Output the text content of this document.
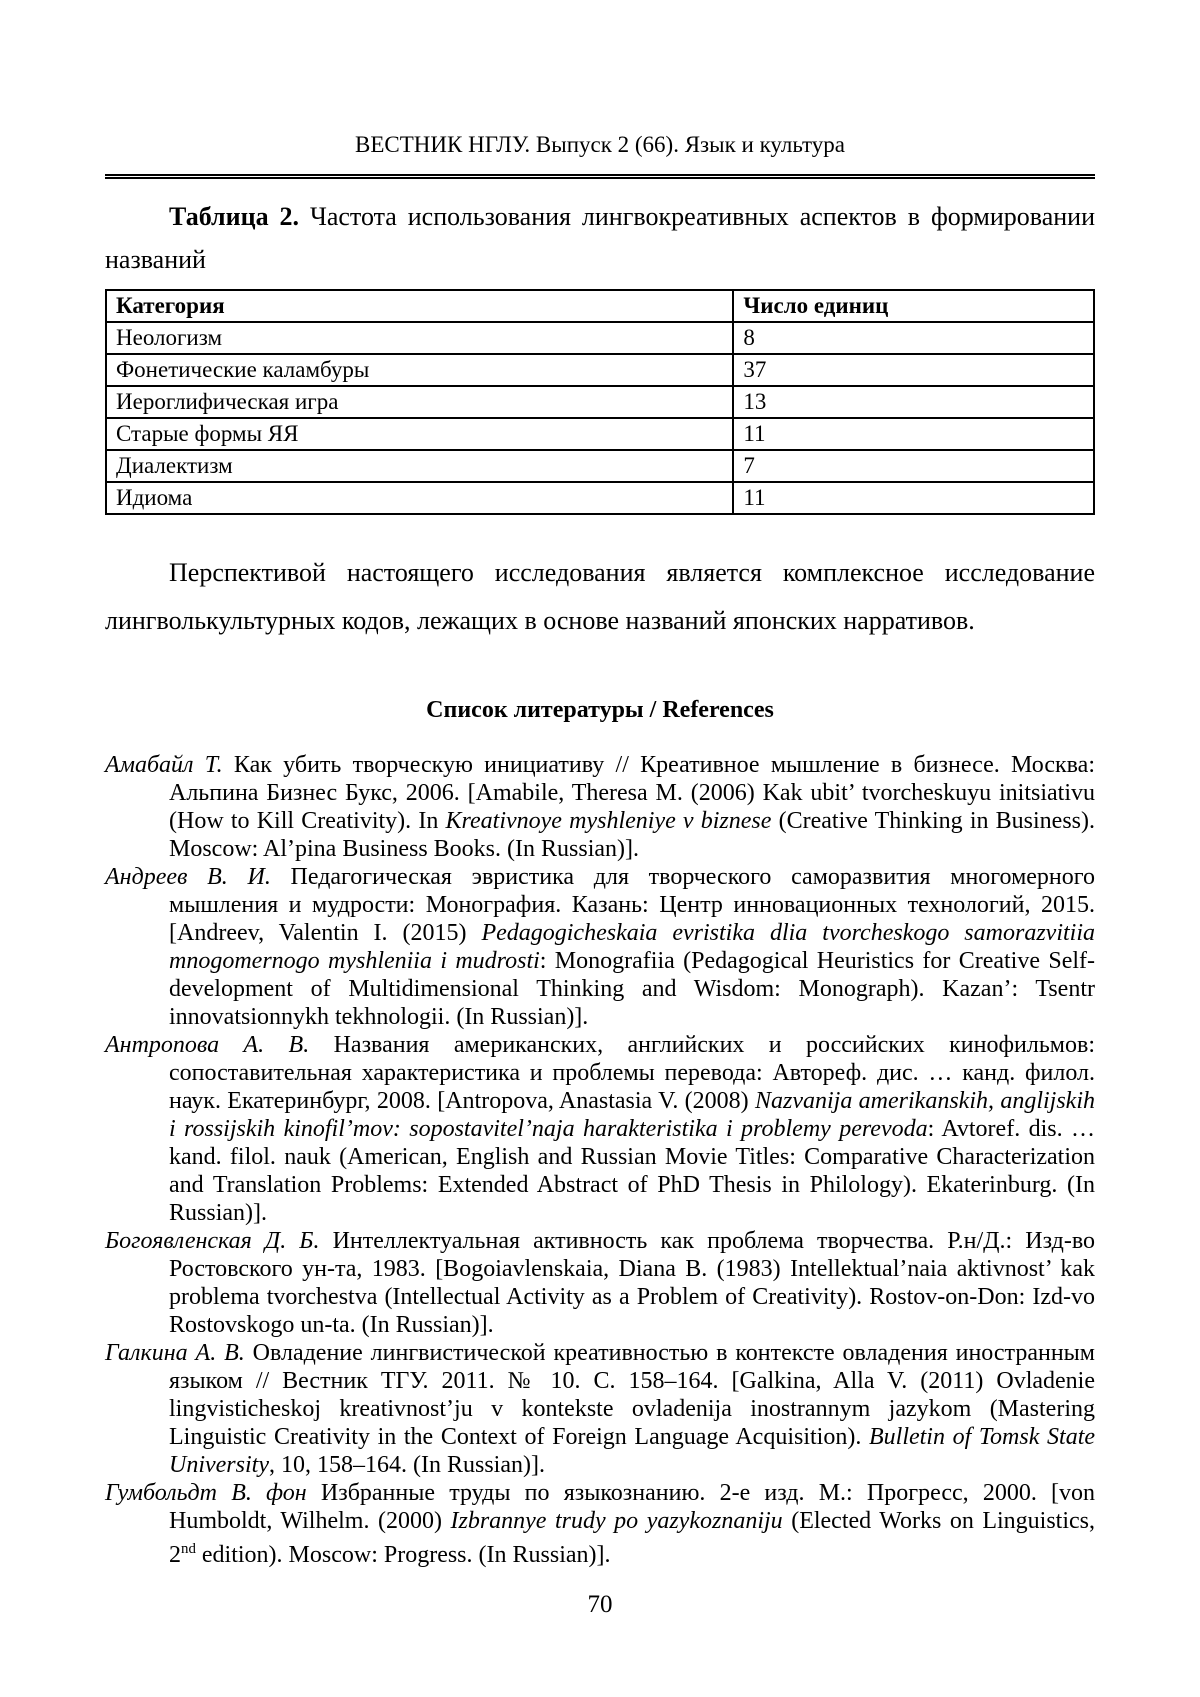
ВЕСТНИК НГЛУ. Выпуск 2 (66). Язык и культура

Таблица 2. Частота использования лингвокреативных аспектов в формировании названий

Категория	Число единиц
Неологизм	8
Фонетические каламбуры	37
Иероглифическая игра	13
Старые формы ЯЯ	11
Диалектизм	7
Идиома	11

Перспективой настоящего исследования является комплексное исследование лингволькультурных кодов, лежащих в основе названий японских нарративов.

Список литературы / References

Амабайл Т. Как убить творческую инициативу // Креативное мышление в бизнесе. Москва: Альпина Бизнес Букс, 2006. [Amabile, Theresa M. (2006) Kak ubit’ tvorcheskuyu initsiativu (How to Kill Creativity). In Kreativnoye myshleniye v biznese (Creative Thinking in Business). Moscow: Al’pina Business Books. (In Russian)].

Андреев В. И. Педагогическая эвристика для творческого саморазвития многомерного мышления и мудрости: Монография. Казань: Центр инновационных технологий, 2015. [Andreev, Valentin I. (2015) Pedagogicheskaia evristika dlia tvorcheskogo samorazvitiia mnogomernogo myshleniia i mudrosti: Monografiia (Pedagogical Heuristics for Creative Self-development of Multidimensional Thinking and Wisdom: Monograph). Kazan’: Tsentr innovatsionnykh tekhnologii. (In Russian)].

Антропова А. В. Названия американских, английских и российских кинофильмов: сопоставительная характеристика и проблемы перевода: Автореф. дис. … канд. филол. наук. Екатеринбург, 2008. [Antropova, Anastasia V. (2008) Nazvanija amerikanskih, anglijskih i rossijskih kinofil’mov: sopostavitel’naja harakteristika i problemy perevoda: Avtoref. dis. … kand. filol. nauk (American, English and Russian Movie Titles: Comparative Characterization and Translation Problems: Extended Abstract of PhD Thesis in Philology). Ekaterinburg. (In Russian)].

Богоявленская Д. Б. Интеллектуальная активность как проблема творчества. Р.н/Д.: Изд-во Ростовского ун-та, 1983. [Bogoiavlenskaia, Diana B. (1983) Intellektual’naia aktivnost’ kak problema tvorchestva (Intellectual Activity as a Problem of Creativity). Rostov-on-Don: Izd-vo Rostovskogo un-ta. (In Russian)].

Галкина А. В. Овладение лингвистической креативностью в контексте овладения иностранным языком // Вестник ТГУ. 2011. № 10. С. 158–164. [Galkina, Alla V. (2011) Ovladenie lingvisticheskoj kreativnost’ju v kontekste ovladenija inostrannym jazykom (Mastering Linguistic Creativity in the Context of Foreign Language Acquisition). Bulletin of Tomsk State University, 10, 158–164. (In Russian)].

Гумбольдт В. фон Избранные труды по языкознанию. 2-е изд. М.: Прогресс, 2000. [von Humboldt, Wilhelm. (2000) Izbrannye trudy po yazykoznaniju (Elected Works on Linguistics, 2nd edition). Moscow: Progress. (In Russian)].

70
